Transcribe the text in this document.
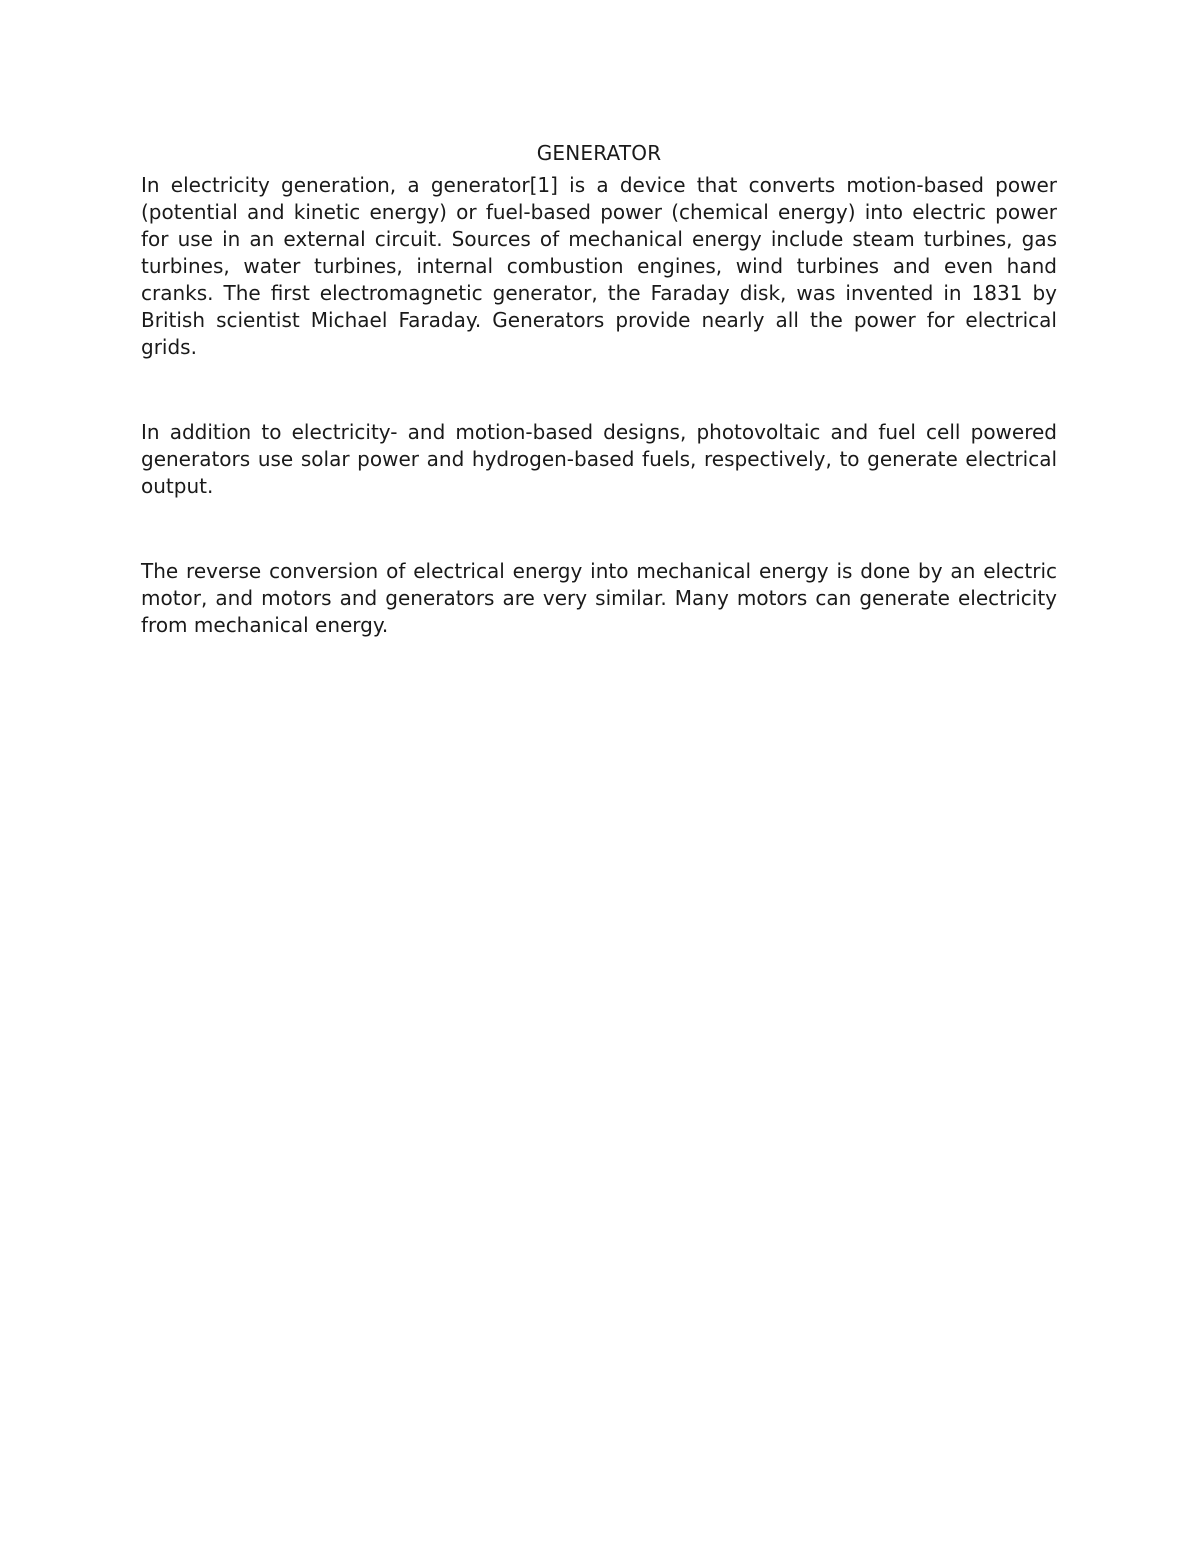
GENERATOR

In electricity generation, a generator[1] is a device that converts motion-based power (potential and kinetic energy) or fuel-based power (chemical energy) into electric power for use in an external circuit. Sources of mechanical energy include steam turbines, gas turbines, water turbines, internal combustion engines, wind turbines and even hand cranks. The first electromagnetic generator, the Faraday disk, was invented in 1831 by British scientist Michael Faraday. Generators provide nearly all the power for electrical grids.

In addition to electricity- and motion-based designs, photovoltaic and fuel cell powered generators use solar power and hydrogen-based fuels, respectively, to generate electrical output.

The reverse conversion of electrical energy into mechanical energy is done by an electric motor, and motors and generators are very similar. Many motors can generate electricity from mechanical energy.
